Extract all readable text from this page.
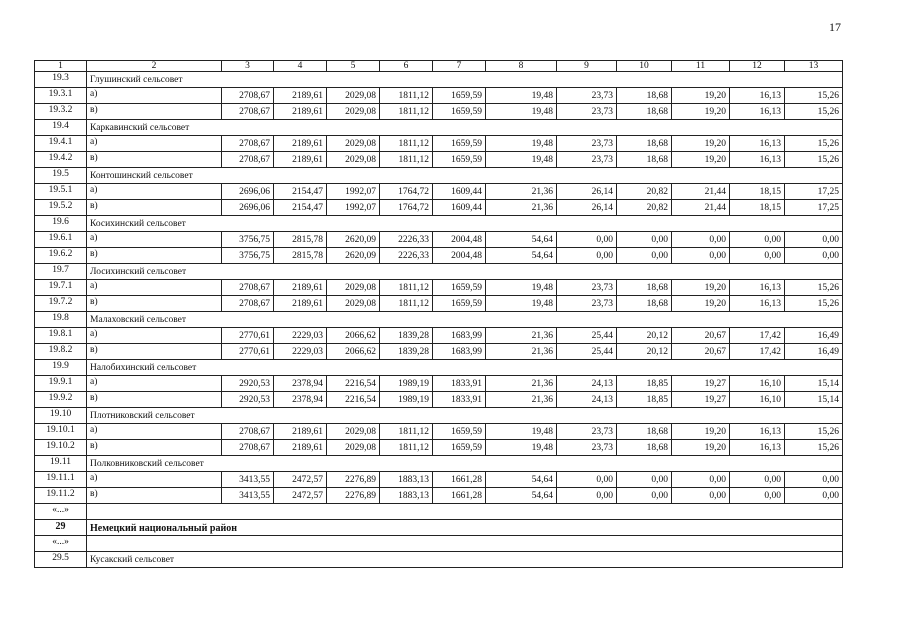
17
1	2	3	4	5	6	7	8	9	10	11	12	13
19.3	Глушинский сельсовет											
19.3.1	а)	2708,67	2189,61	2029,08	1811,12	1659,59	19,48	23,73	18,68	19,20	16,13	15,26
19.3.2	в)	2708,67	2189,61	2029,08	1811,12	1659,59	19,48	23,73	18,68	19,20	16,13	15,26
19.4	Каркавинский сельсовет											
19.4.1	а)	2708,67	2189,61	2029,08	1811,12	1659,59	19,48	23,73	18,68	19,20	16,13	15,26
19.4.2	в)	2708,67	2189,61	2029,08	1811,12	1659,59	19,48	23,73	18,68	19,20	16,13	15,26
19.5	Контошинский сельсовет											
19.5.1	а)	2696,06	2154,47	1992,07	1764,72	1609,44	21,36	26,14	20,82	21,44	18,15	17,25
19.5.2	в)	2696,06	2154,47	1992,07	1764,72	1609,44	21,36	26,14	20,82	21,44	18,15	17,25
19.6	Косихинский сельсовет											
19.6.1	а)	3756,75	2815,78	2620,09	2226,33	2004,48	54,64	0,00	0,00	0,00	0,00	0,00
19.6.2	в)	3756,75	2815,78	2620,09	2226,33	2004,48	54,64	0,00	0,00	0,00	0,00	0,00
19.7	Лосихинский сельсовет											
19.7.1	а)	2708,67	2189,61	2029,08	1811,12	1659,59	19,48	23,73	18,68	19,20	16,13	15,26
19.7.2	в)	2708,67	2189,61	2029,08	1811,12	1659,59	19,48	23,73	18,68	19,20	16,13	15,26
19.8	Малаховский сельсовет											
19.8.1	а)	2770,61	2229,03	2066,62	1839,28	1683,99	21,36	25,44	20,12	20,67	17,42	16,49
19.8.2	в)	2770,61	2229,03	2066,62	1839,28	1683,99	21,36	25,44	20,12	20,67	17,42	16,49
19.9	Налобихинский сельсовет											
19.9.1	а)	2920,53	2378,94	2216,54	1989,19	1833,91	21,36	24,13	18,85	19,27	16,10	15,14
19.9.2	в)	2920,53	2378,94	2216,54	1989,19	1833,91	21,36	24,13	18,85	19,27	16,10	15,14
19.10	Плотниковский сельсовет											
19.10.1	а)	2708,67	2189,61	2029,08	1811,12	1659,59	19,48	23,73	18,68	19,20	16,13	15,26
19.10.2	в)	2708,67	2189,61	2029,08	1811,12	1659,59	19,48	23,73	18,68	19,20	16,13	15,26
19.11	Полковниковский сельсовет											
19.11.1	а)	3413,55	2472,57	2276,89	1883,13	1661,28	54,64	0,00	0,00	0,00	0,00	0,00
19.11.2	в)	3413,55	2472,57	2276,89	1883,13	1661,28	54,64	0,00	0,00	0,00	0,00	0,00
«...»												
29	Немецкий национальный район											
«...»												
29.5	Кусакский сельсовет											
